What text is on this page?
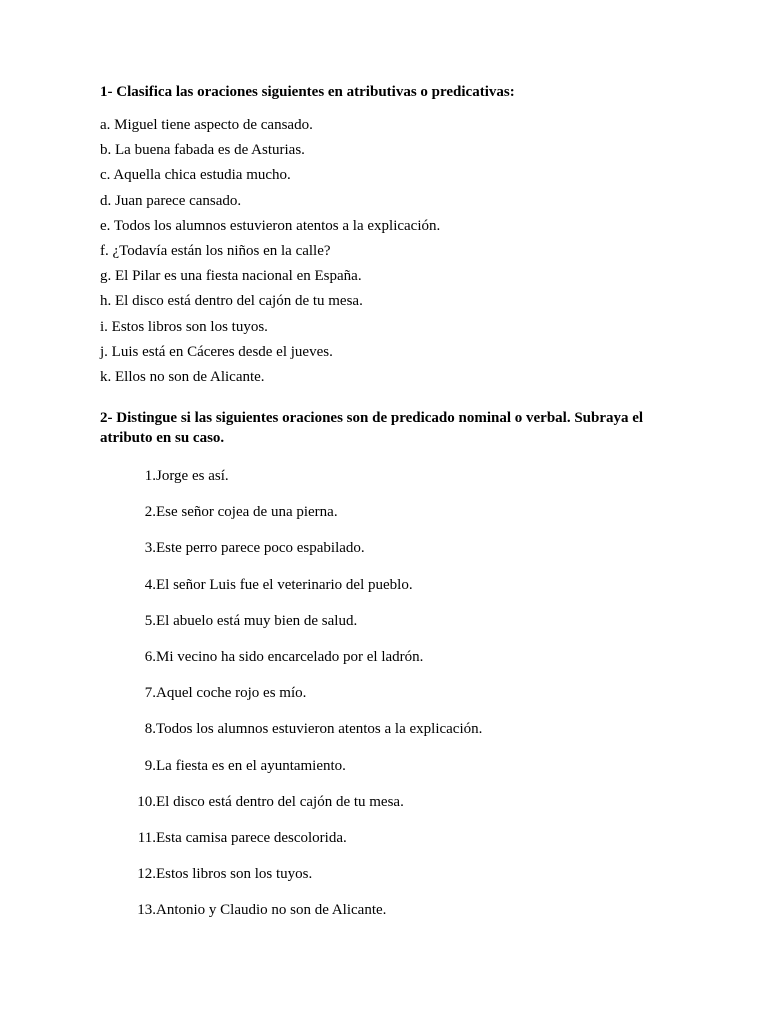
1- Clasifica las oraciones siguientes en atributivas o predicativas:

a. Miguel tiene aspecto de cansado.
b. La buena fabada es de Asturias.
c. Aquella chica estudia mucho.
d. Juan parece cansado.
e. Todos los alumnos estuvieron atentos a la explicación.
f. ¿Todavía están los niños en la calle?
g. El Pilar es una fiesta nacional en España.
h. El disco está dentro del cajón de tu mesa.
i. Estos libros son los tuyos.
j. Luis está en Cáceres desde el jueves.
k. Ellos no son de Alicante.

2- Distingue si las siguientes oraciones son de predicado nominal o verbal. Subraya el atributo en su caso.

1. Jorge es así.
2. Ese señor cojea de una pierna.
3. Este perro parece poco espabilado.
4. El señor Luis fue el veterinario del pueblo.
5. El abuelo está muy bien de salud.
6. Mi vecino ha sido encarcelado por el ladrón.
7. Aquel coche rojo es mío.
8. Todos los alumnos estuvieron atentos a la explicación.
9. La fiesta es en el ayuntamiento.
10. El disco está dentro del cajón de tu mesa.
11. Esta camisa parece descolorida.
12. Estos libros son los tuyos.
13. Antonio y Claudio no son de Alicante.
